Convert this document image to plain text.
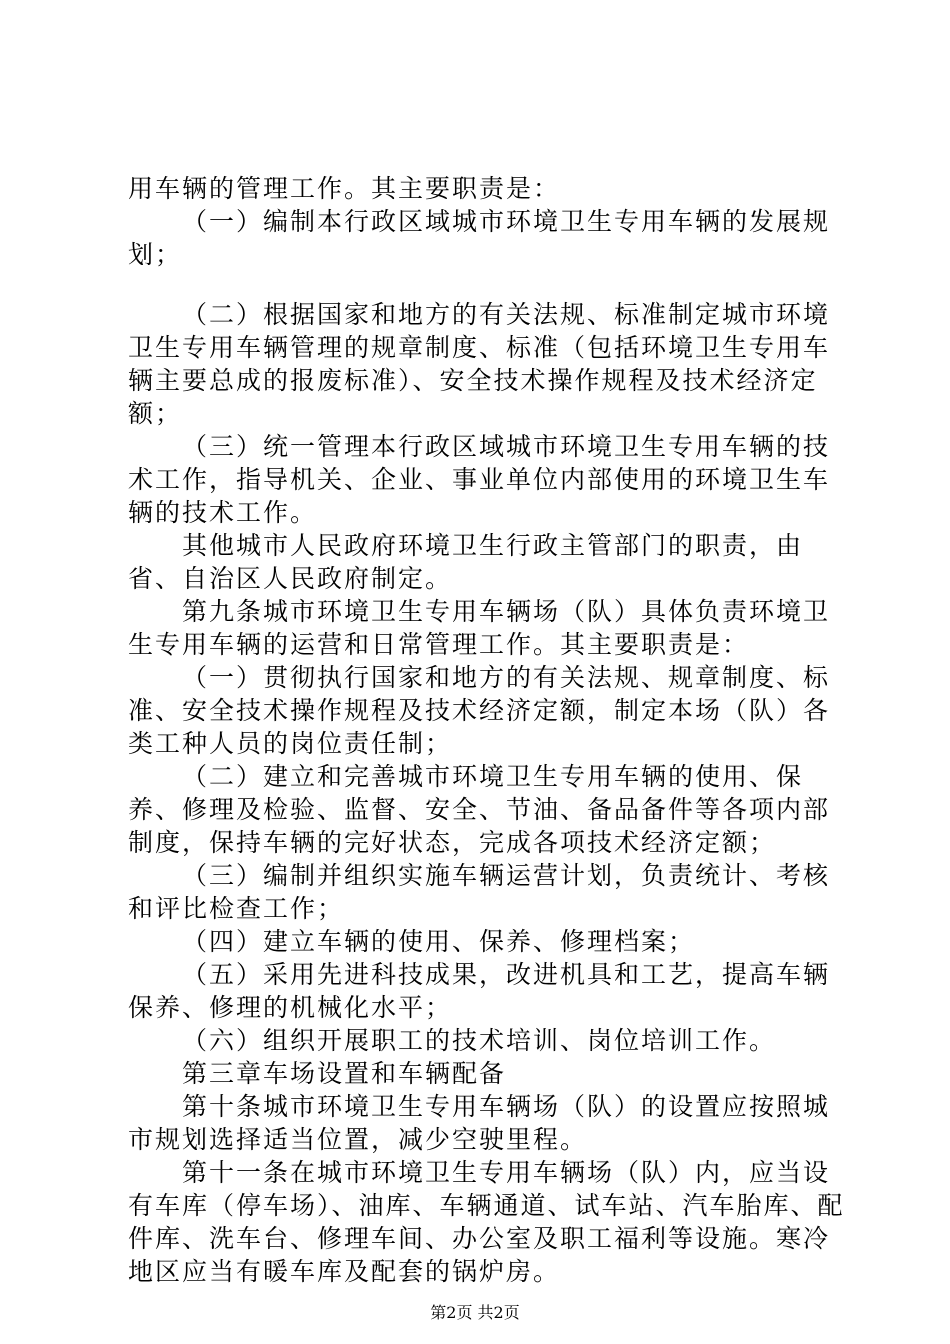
用车辆的管理工作。其主要职责是：

（一）编制本行政区域城市环境卫生专用车辆的发展规划；

（二）根据国家和地方的有关法规、标准制定城市环境卫生专用车辆管理的规章制度、标准（包括环境卫生专用车辆主要总成的报废标准）、安全技术操作规程及技术经济定额；

（三）统一管理本行政区域城市环境卫生专用车辆的技术工作，指导机关、企业、事业单位内部使用的环境卫生车辆的技术工作。

其他城市人民政府环境卫生行政主管部门的职责，由省、自治区人民政府制定。

第九条城市环境卫生专用车辆场（队）具体负责环境卫生专用车辆的运营和日常管理工作。其主要职责是：

（一）贯彻执行国家和地方的有关法规、规章制度、标准、安全技术操作规程及技术经济定额，制定本场（队）各类工种人员的岗位责任制；

（二）建立和完善城市环境卫生专用车辆的使用、保养、修理及检验、监督、安全、节油、备品备件等各项内部制度，保持车辆的完好状态，完成各项技术经济定额；

（三）编制并组织实施车辆运营计划，负责统计、考核和评比检查工作；

（四）建立车辆的使用、保养、修理档案；

（五）采用先进科技成果，改进机具和工艺，提高车辆保养、修理的机械化水平；

（六）组织开展职工的技术培训、岗位培训工作。

第三章车场设置和车辆配备

第十条城市环境卫生专用车辆场（队）的设置应按照城市规划选择适当位置，减少空驶里程。

第十一条在城市环境卫生专用车辆场（队）内，应当设有车库（停车场）、油库、车辆通道、试车站、汽车胎库、配件库、洗车台、修理车间、办公室及职工福利等设施。寒冷地区应当有暖车库及配套的锅炉房。

第2页 共2页
